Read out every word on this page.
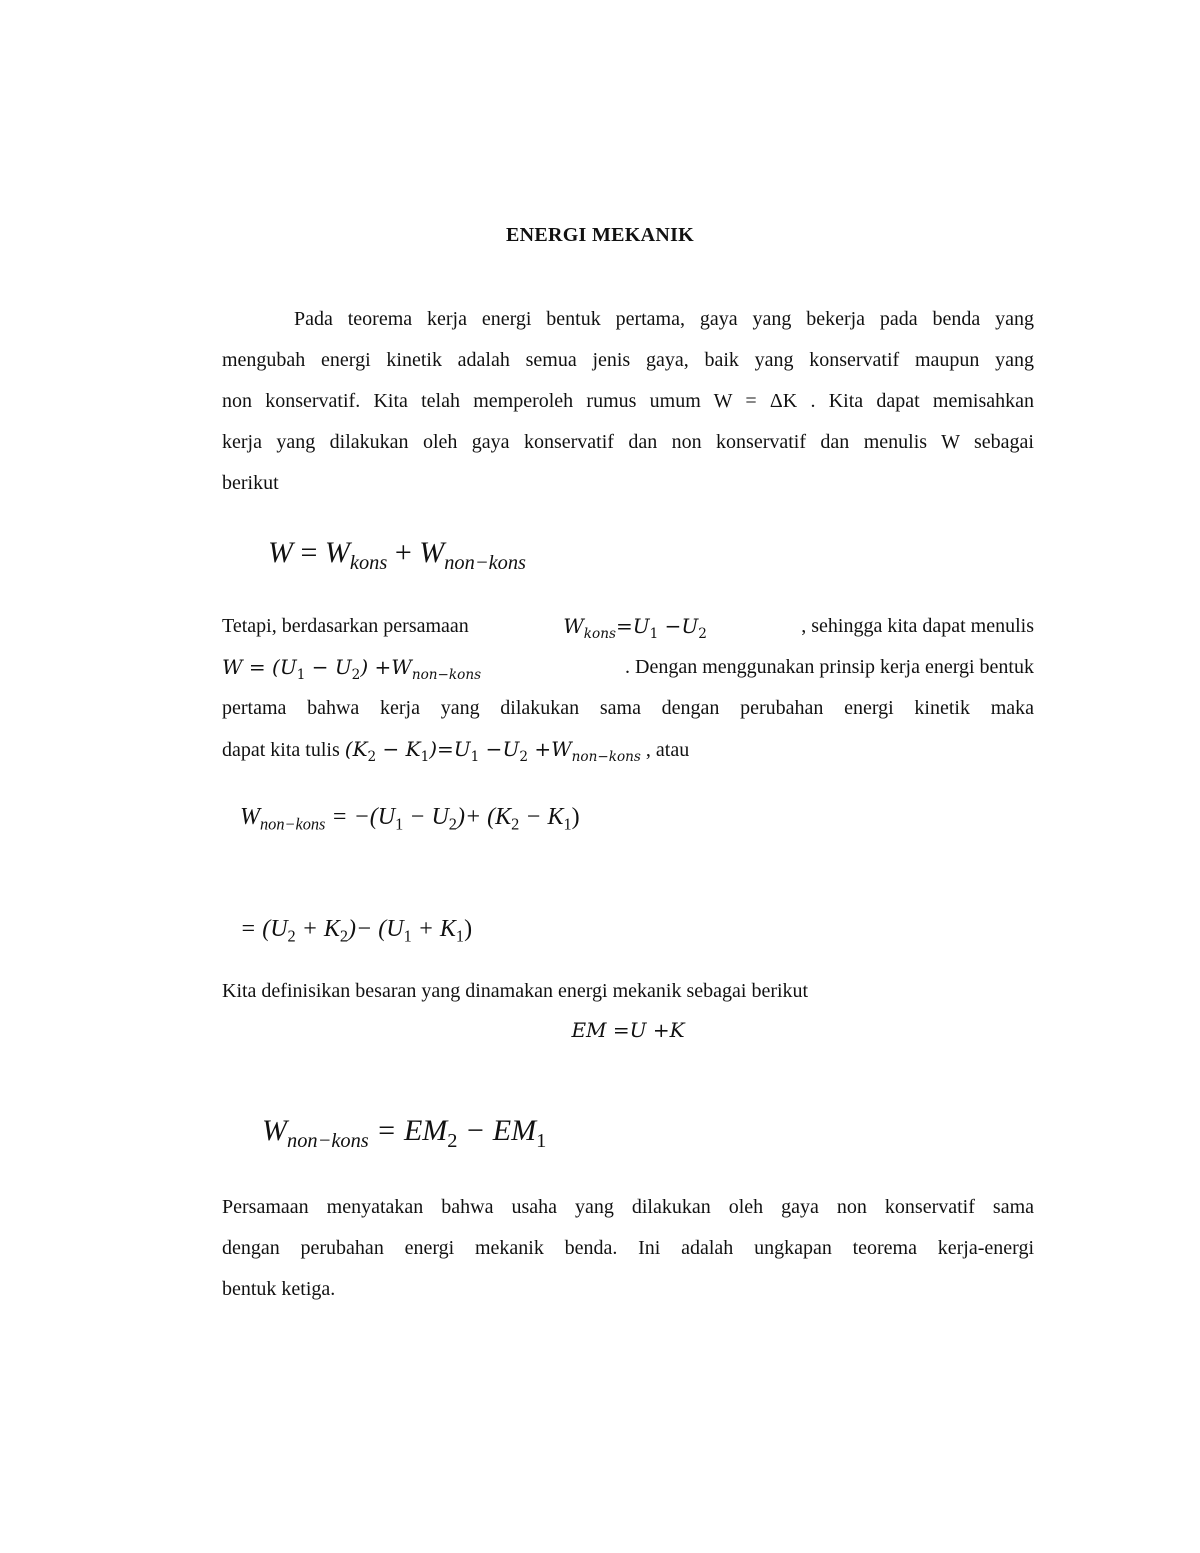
ENERGI MEKANIK
Pada teorema kerja energi bentuk pertama, gaya yang bekerja pada benda yang
mengubah energi kinetik adalah semua jenis gaya, baik yang konservatif maupun yang
non konservatif. Kita telah memperoleh rumus umum W = ΔK . Kita dapat memisahkan
kerja yang dilakukan oleh gaya konservatif dan non konservatif dan menulis W sebagai
berikut
$W = W_{kons} + W_{non-kons}$
Tetapi, berdasarkan persamaan	$W_{kons}=U_1 -U_2$	, sehingga kita dapat menulis
$W = (U_1 - U_2) +W_{non-kons}$	. Dengan menggunakan prinsip kerja energi bentuk
pertama bahwa kerja yang dilakukan sama dengan perubahan energi kinetik maka
dapat kita tulis $(K_2 - K_1)=U_1 -U_2 +W_{non-kons}$ , atau
$W_{non-kons} = -(U_1 - U_2)+ (K_2 - K_1)$
= $(U_2 + K_2)- (U_1 + K_1)$
Kita definisikan besaran yang dinamakan energi mekanik sebagai berikut
EM =U +K
$W_{non-kons} = EM_2 - EM_1$
Persamaan menyatakan bahwa usaha yang dilakukan oleh gaya non konservatif sama
dengan perubahan energi mekanik benda. Ini adalah ungkapan teorema kerja-energi
bentuk ketiga.
